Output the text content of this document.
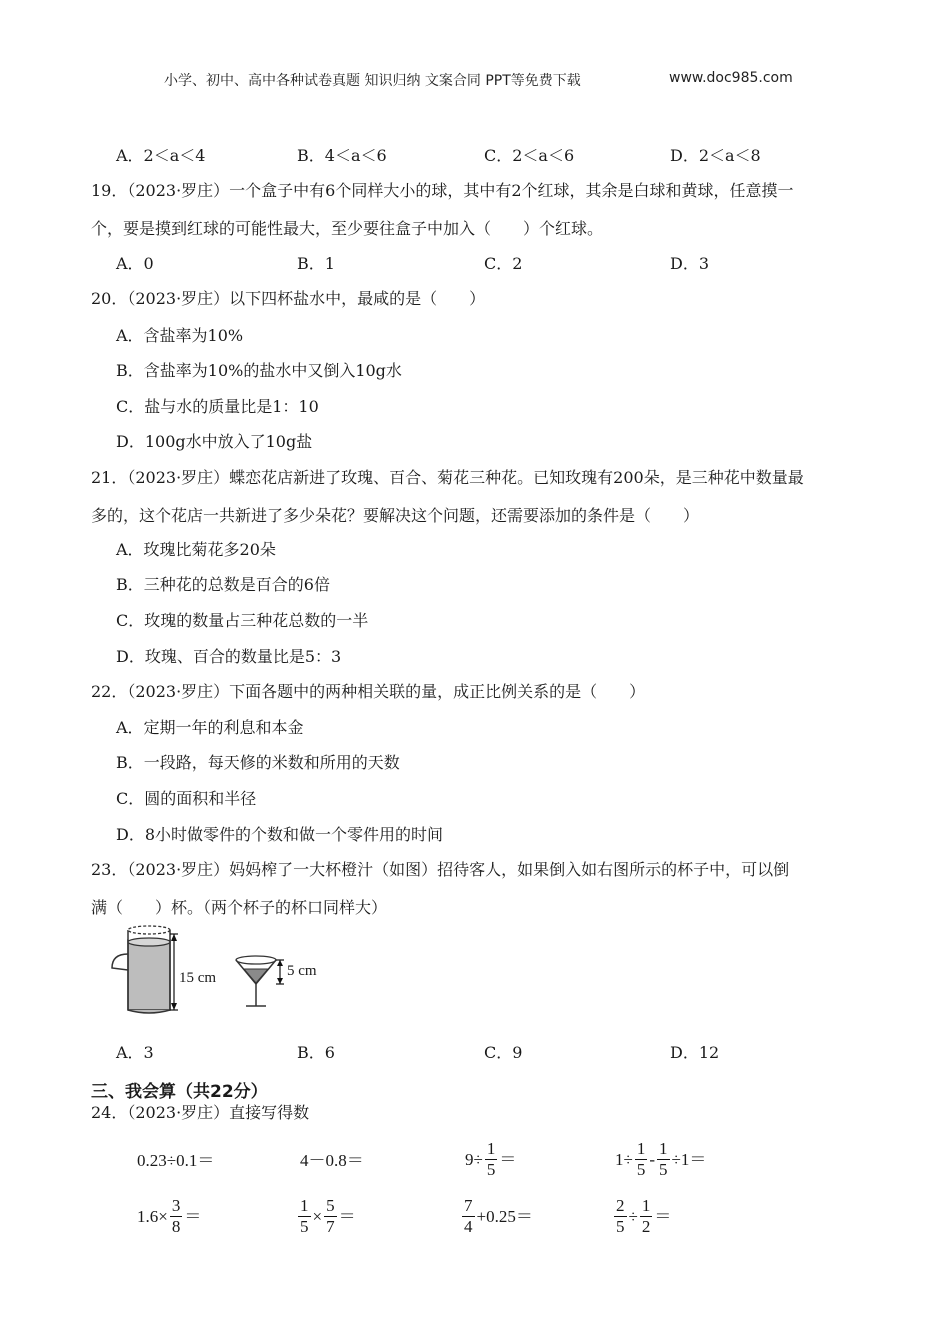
小学、初中、高中各种试卷真题 知识归纳 文案合同 PPT等免费下载	www.doc985.com
A．2＜a＜4	B．4＜a＜6	C．2＜a＜6	D．2＜a＜8
19．（2023·罗庄）一个盒子中有6个同样大小的球，其中有2个红球，其余是白球和黄球，任意摸一
个，要是摸到红球的可能性最大，至少要往盒子中加入（　　）个红球。
A．0	B．1	C．2	D．3
20．（2023·罗庄）以下四杯盐水中，最咸的是（　　）
A．含盐率为10%
B．含盐率为10%的盐水中又倒入10g水
C．盐与水的质量比是1：10
D．100g水中放入了10g盐
21．（2023·罗庄）蝶恋花店新进了玫瑰、百合、菊花三种花。已知玫瑰有200朵，是三种花中数量最
多的，这个花店一共新进了多少朵花？要解决这个问题，还需要添加的条件是（　　）
A．玫瑰比菊花多20朵
B．三种花的总数是百合的6倍
C．玫瑰的数量占三种花总数的一半
D．玫瑰、百合的数量比是5：3
22．（2023·罗庄）下面各题中的两种相关联的量，成正比例关系的是（　　）
A．定期一年的利息和本金
B．一段路，每天修的米数和所用的天数
C．圆的面积和半径
D．8小时做零件的个数和做一个零件用的时间
23．（2023·罗庄）妈妈榨了一大杯橙汁（如图）招待客人，如果倒入如右图所示的杯子中，可以倒
满（　　）杯。（两个杯子的杯口同样大）
15 cm	5 cm
A．3	B．6	C．9	D．12
三、我会算（共22分）
24．（2023·罗庄）直接写得数
0.23÷0.1＝	4－0.8＝	$9\div \frac{1}{5}$ ＝	$1\div \frac{1}{5} - \frac{1}{5} \div 1=$
$1.6\times \frac{3}{8}$ ＝	$\frac{1}{5} \times \frac{5}{7}$ ＝	$\frac{7}{4} +0.25=$	$\frac{2}{5} \div \frac{1}{2}$ ＝
